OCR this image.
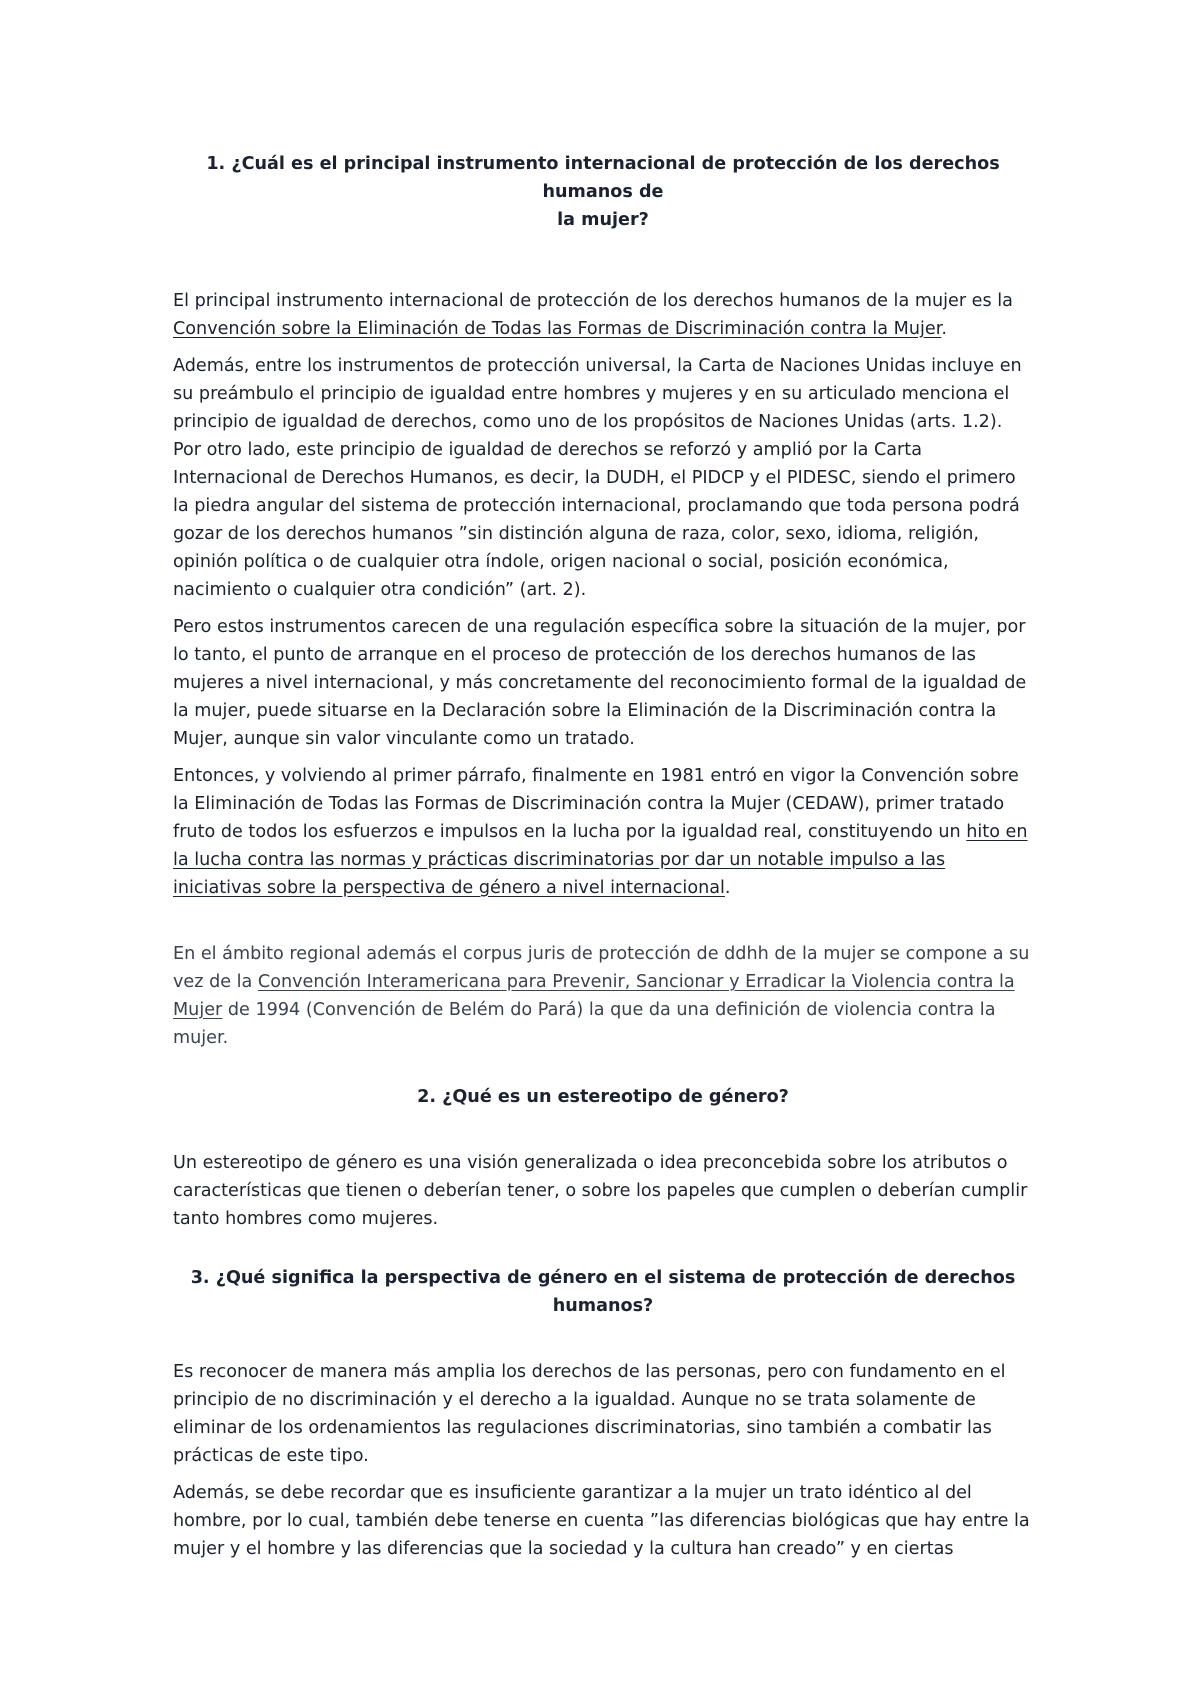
1. ¿Cuál es el principal instrumento internacional de protección de los derechos humanos de
la mujer?

El principal instrumento internacional de protección de los derechos humanos de la mujer es la Convención sobre la Eliminación de Todas las Formas de Discriminación contra la Mujer.

Además, entre los instrumentos de protección universal, la Carta de Naciones Unidas incluye en su preámbulo el principio de igualdad entre hombres y mujeres y en su articulado menciona el principio de igualdad de derechos, como uno de los propósitos de Naciones Unidas (arts. 1.2). Por otro lado, este principio de igualdad de derechos se reforzó y amplió por la Carta Internacional de Derechos Humanos, es decir, la DUDH, el PIDCP y el PIDESC, siendo el primero la piedra angular del sistema de protección internacional, proclamando que toda persona podrá gozar de los derechos humanos ”sin distinción alguna de raza, color, sexo, idioma, religión, opinión política o de cualquier otra índole, origen nacional o social, posición económica, nacimiento o cualquier otra condición” (art. 2).

Pero estos instrumentos carecen de una regulación específica sobre la situación de la mujer, por lo tanto, el punto de arranque en el proceso de protección de los derechos humanos de las mujeres a nivel internacional, y más concretamente del reconocimiento formal de la igualdad de la mujer, puede situarse en la Declaración sobre la Eliminación de la Discriminación contra la Mujer, aunque sin valor vinculante como un tratado.

Entonces, y volviendo al primer párrafo, finalmente en 1981 entró en vigor la Convención sobre la Eliminación de Todas las Formas de Discriminación contra la Mujer (CEDAW), primer tratado fruto de todos los esfuerzos e impulsos en la lucha por la igualdad real, constituyendo un hito en la lucha contra las normas y prácticas discriminatorias por dar un notable impulso a las iniciativas sobre la perspectiva de género a nivel internacional.

En el ámbito regional además el corpus juris de protección de ddhh de la mujer se compone a su vez de la Convención Interamericana para Prevenir, Sancionar y Erradicar la Violencia contra la Mujer de 1994 (Convención de Belém do Pará) la que da una definición de violencia contra la mujer.

2. ¿Qué es un estereotipo de género?

Un estereotipo de género es una visión generalizada o idea preconcebida sobre los atributos o características que tienen o deberían tener, o sobre los papeles que cumplen o deberían cumplir tanto hombres como mujeres.

3. ¿Qué significa la perspectiva de género en el sistema de protección de derechos humanos?

Es reconocer de manera más amplia los derechos de las personas, pero con fundamento en el principio de no discriminación y el derecho a la igualdad. Aunque no se trata solamente de eliminar de los ordenamientos las regulaciones discriminatorias, sino también a combatir las prácticas de este tipo.

Además, se debe recordar que es insuficiente garantizar a la mujer un trato idéntico al del hombre, por lo cual, también debe tenerse en cuenta ”las diferencias biológicas que hay entre la mujer y el hombre y las diferencias que la sociedad y la cultura han creado” y en ciertas
